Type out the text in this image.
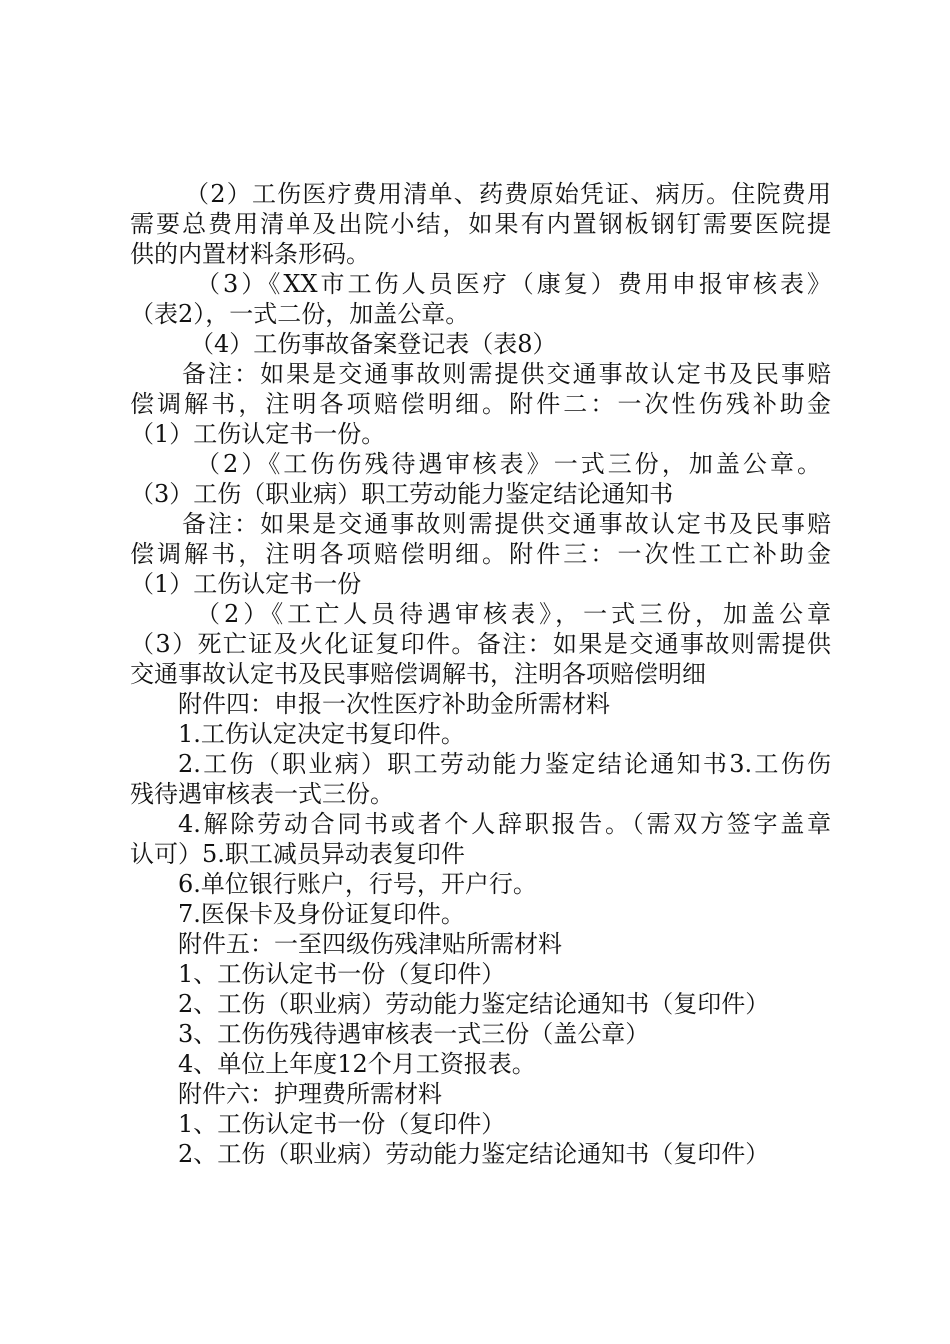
（2）工伤医疗费用清单、药费原始凭证、病历。住院费用
需要总费用清单及出院小结，如果有内置钢板钢钉需要医院提
供的内置材料条形码。
（3）《XX市工伤人员医疗（康复）费用申报审核表》
（表2），一式二份，加盖公章。
（4）工伤事故备案登记表（表8）
备注：如果是交通事故则需提供交通事故认定书及民事赔
偿调解书，注明各项赔偿明细。附件二：一次性伤残补助金
（1）工伤认定书一份。
（2）《工伤伤残待遇审核表》一式三份，加盖公章。
（3）工伤（职业病）职工劳动能力鉴定结论通知书
备注：如果是交通事故则需提供交通事故认定书及民事赔
偿调解书，注明各项赔偿明细。附件三：一次性工亡补助金
（1）工伤认定书一份
（2）《工亡人员待遇审核表》，一式三份，加盖公章
（3）死亡证及火化证复印件。备注：如果是交通事故则需提供
交通事故认定书及民事赔偿调解书，注明各项赔偿明细
附件四：申报一次性医疗补助金所需材料
1.工伤认定决定书复印件。
2.工伤（职业病）职工劳动能力鉴定结论通知书3.工伤伤
残待遇审核表一式三份。
4.解除劳动合同书或者个人辞职报告。（需双方签字盖章
认可）5.职工减员异动表复印件
6.单位银行账户，行号，开户行。
7.医保卡及身份证复印件。
附件五：一至四级伤残津贴所需材料
1、工伤认定书一份（复印件）
2、工伤（职业病）劳动能力鉴定结论通知书（复印件）
3、工伤伤残待遇审核表一式三份（盖公章）
4、单位上年度12个月工资报表。
附件六：护理费所需材料
1、工伤认定书一份（复印件）
2、工伤（职业病）劳动能力鉴定结论通知书（复印件）
